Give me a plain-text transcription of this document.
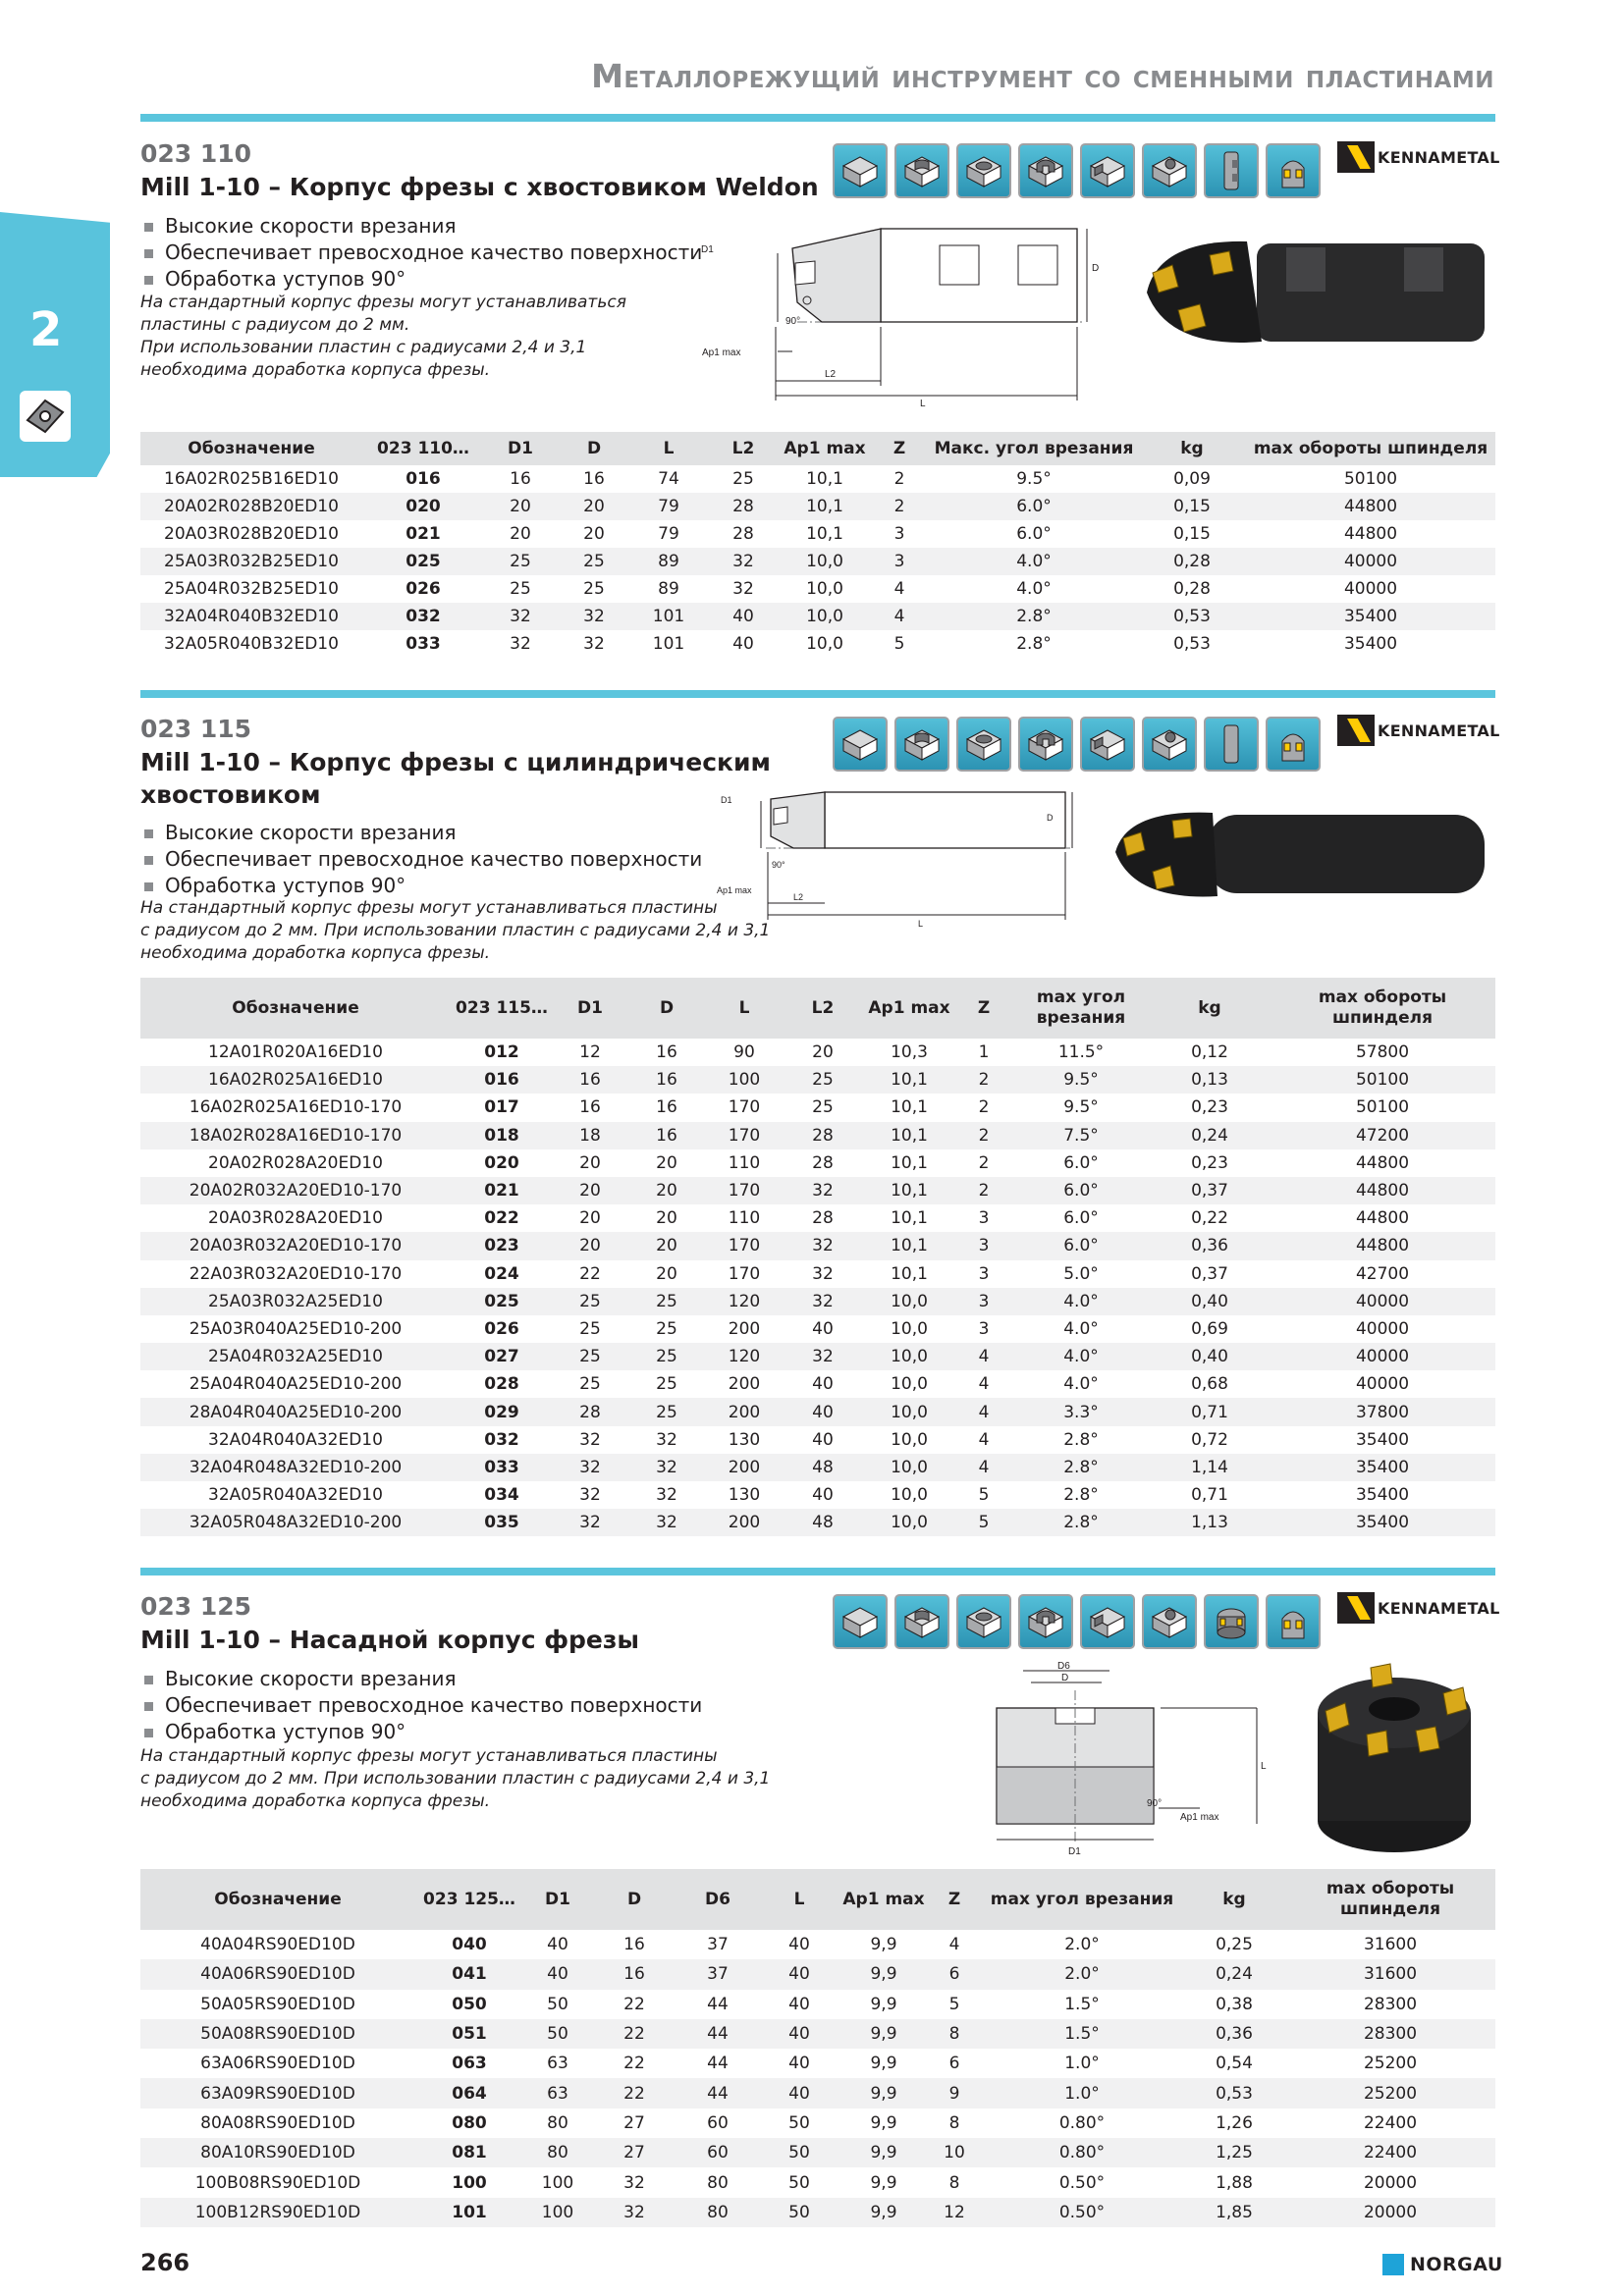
Металлорежущий инструмент со сменными пластинами
2
023 110
Mill 1-10 – Корпус фрезы с хвостовиком Weldon
Высокие скорости врезания
Обеспечивает превосходное качество поверхности
Обработка уступов 90°
На стандартный корпус фрезы могут устанавливаться
пластины с радиусом до 2 мм.
При использовании пластин с радиусами 2,4 и 3,1
необходима доработка корпуса фрезы.
KENNAMETAL
D1
D
90°
Ap1 max
L2
L
Обозначение	023 110…	D1	D	L	L2	Ap1 max	Z	Макс. угол врезания	kg	max обороты шпинделя
16A02R025B16ED10	016	16	16	74	25	10,1	2	9.5°	0,09	50100
20A02R028B20ED10	020	20	20	79	28	10,1	2	6.0°	0,15	44800
20A03R028B20ED10	021	20	20	79	28	10,1	3	6.0°	0,15	44800
25A03R032B25ED10	025	25	25	89	32	10,0	3	4.0°	0,28	40000
25A04R032B25ED10	026	25	25	89	32	10,0	4	4.0°	0,28	40000
32A04R040B32ED10	032	32	32	101	40	10,0	4	2.8°	0,53	35400
32A05R040B32ED10	033	32	32	101	40	10,0	5	2.8°	0,53	35400
023 115
Mill 1-10 – Корпус фрезы с цилиндрическим
хвостовиком
Высокие скорости врезания
Обеспечивает превосходное качество поверхности
Обработка уступов 90°
На стандартный корпус фрезы могут устанавливаться пластины
с радиусом до 2 мм. При использовании пластин с радиусами 2,4 и 3,1
необходима доработка корпуса фрезы.
KENNAMETAL
D1
D
90°
Ap1 max
L2
L
Обозначение	023 115…	D1	D	L	L2	Ap1 max	Z	max угол врезания	kg	max обороты шпинделя
12A01R020A16ED10	012	12	16	90	20	10,3	1	11.5°	0,12	57800
16A02R025A16ED10	016	16	16	100	25	10,1	2	9.5°	0,13	50100
16A02R025A16ED10-170	017	16	16	170	25	10,1	2	9.5°	0,23	50100
18A02R028A16ED10-170	018	18	16	170	28	10,1	2	7.5°	0,24	47200
20A02R028A20ED10	020	20	20	110	28	10,1	2	6.0°	0,23	44800
20A02R032A20ED10-170	021	20	20	170	32	10,1	2	6.0°	0,37	44800
20A03R028A20ED10	022	20	20	110	28	10,1	3	6.0°	0,22	44800
20A03R032A20ED10-170	023	20	20	170	32	10,1	3	6.0°	0,36	44800
22A03R032A20ED10-170	024	22	20	170	32	10,1	3	5.0°	0,37	42700
25A03R032A25ED10	025	25	25	120	32	10,0	3	4.0°	0,40	40000
25A03R040A25ED10-200	026	25	25	200	40	10,0	3	4.0°	0,69	40000
25A04R032A25ED10	027	25	25	120	32	10,0	4	4.0°	0,40	40000
25A04R040A25ED10-200	028	25	25	200	40	10,0	4	4.0°	0,68	40000
28A04R040A25ED10-200	029	28	25	200	40	10,0	4	3.3°	0,71	37800
32A04R040A32ED10	032	32	32	130	40	10,0	4	2.8°	0,72	35400
32A04R048A32ED10-200	033	32	32	200	48	10,0	4	2.8°	1,14	35400
32A05R040A32ED10	034	32	32	130	40	10,0	5	2.8°	0,71	35400
32A05R048A32ED10-200	035	32	32	200	48	10,0	5	2.8°	1,13	35400
023 125
Mill 1-10 – Насадной корпус фрезы
Высокие скорости врезания
Обеспечивает превосходное качество поверхности
Обработка уступов 90°
На стандартный корпус фрезы могут устанавливаться пластины
с радиусом до 2 мм. При использовании пластин с радиусами 2,4 и 3,1
необходима доработка корпуса фрезы.
KENNAMETAL
D6
D
L
90°
Ap1 max
D1
Обозначение	023 125…	D1	D	D6	L	Ap1 max	Z	max угол врезания	kg	max обороты шпинделя
40A04RS90ED10D	040	40	16	37	40	9,9	4	2.0°	0,25	31600
40A06RS90ED10D	041	40	16	37	40	9,9	6	2.0°	0,24	31600
50A05RS90ED10D	050	50	22	44	40	9,9	5	1.5°	0,38	28300
50A08RS90ED10D	051	50	22	44	40	9,9	8	1.5°	0,36	28300
63A06RS90ED10D	063	63	22	44	40	9,9	6	1.0°	0,54	25200
63A09RS90ED10D	064	63	22	44	40	9,9	9	1.0°	0,53	25200
80A08RS90ED10D	080	80	27	60	50	9,9	8	0.80°	1,26	22400
80A10RS90ED10D	081	80	27	60	50	9,9	10	0.80°	1,25	22400
100B08RS90ED10D	100	100	32	80	50	9,9	8	0.50°	1,88	20000
100B12RS90ED10D	101	100	32	80	50	9,9	12	0.50°	1,85	20000
266	NORGAU
